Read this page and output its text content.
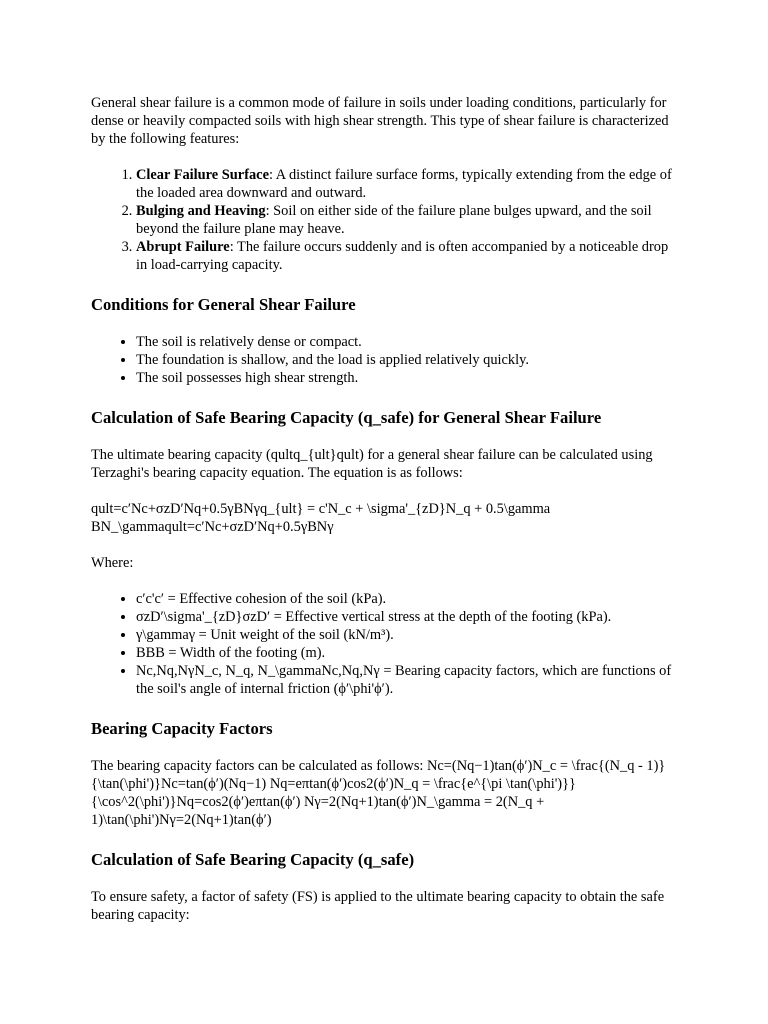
General shear failure is a common mode of failure in soils under loading conditions, particularly for dense or heavily compacted soils with high shear strength. This type of shear failure is characterized by the following features:

1. Clear Failure Surface: A distinct failure surface forms, typically extending from the edge of the loaded area downward and outward.
2. Bulging and Heaving: Soil on either side of the failure plane bulges upward, and the soil beyond the failure plane may heave.
3. Abrupt Failure: The failure occurs suddenly and is often accompanied by a noticeable drop in load-carrying capacity.
Conditions for General Shear Failure
• The soil is relatively dense or compact.
• The foundation is shallow, and the load is applied relatively quickly.
• The soil possesses high shear strength.
Calculation of Safe Bearing Capacity (q_safe) for General Shear Failure

The ultimate bearing capacity (qultq_{ult}qult) for a general shear failure can be calculated using Terzaghi's bearing capacity equation. The equation is as follows:

qult=c′Nc+σzD′Nq+0.5γBNγq_{ult} = c'N_c + \sigma'_{zD}N_q + 0.5\gamma BN_\gammaqult=c′Nc+σzD′Nq+0.5γBNγ

Where:

• c′c'c′ = Effective cohesion of the soil (kPa).
• σzD′\sigma'_{zD}σzD′ = Effective vertical stress at the depth of the footing (kPa).
• γ\gammaγ = Unit weight of the soil (kN/m³).
• BBB = Width of the footing (m).
• Nc,Nq,NγN_c, N_q, N_\gammaNc,Nq,Nγ = Bearing capacity factors, which are functions of the soil's angle of internal friction (ϕ′\phi'ϕ′).
Bearing Capacity Factors

The bearing capacity factors can be calculated as follows: Nc=(Nq−1)tan(ϕ′)N_c = \frac{(N_q - 1)}{\tan(\phi')}Nc=tan(ϕ′)(Nq−1) Nq=eπtan(ϕ′)cos2(ϕ′)N_q = \frac{e^{\pi \tan(\phi')}}{\cos^2(\phi')}Nq=cos2(ϕ′)eπtan(ϕ′) Nγ=2(Nq+1)tan(ϕ′)N_\gamma = 2(N_q + 1)\tan(\phi')Nγ=2(Nq+1)tan(ϕ′)

Calculation of Safe Bearing Capacity (q_safe)

To ensure safety, a factor of safety (FS) is applied to the ultimate bearing capacity to obtain the safe bearing capacity:
